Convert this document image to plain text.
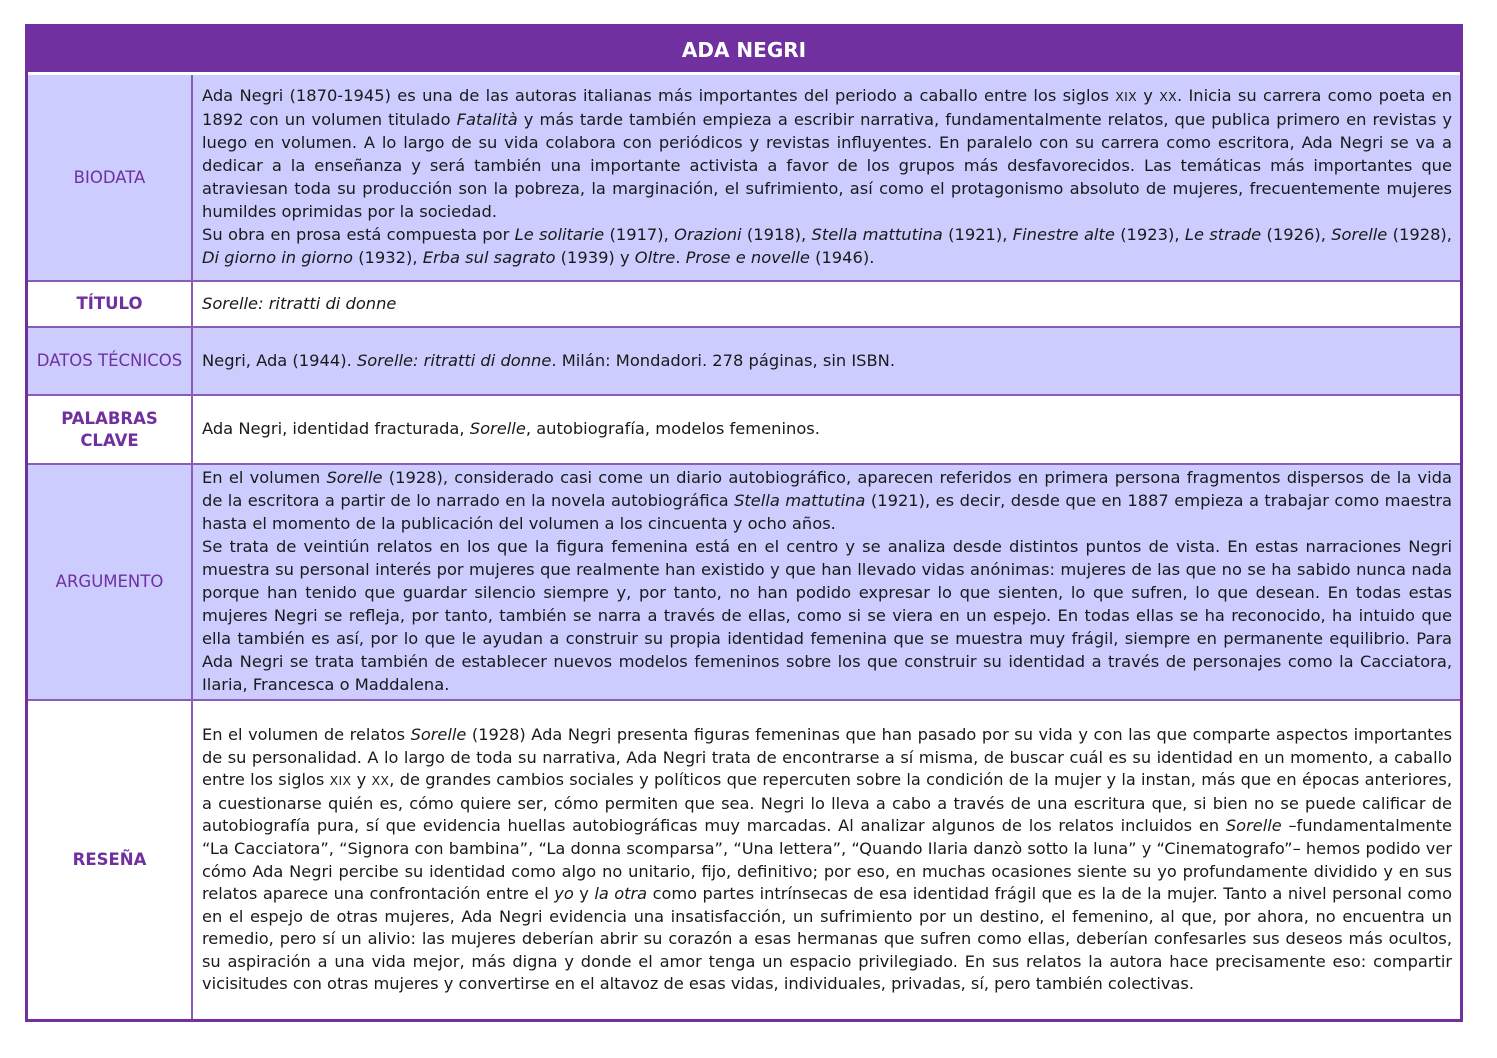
ADA NEGRI
BIODATA

Ada Negri (1870-1945) es una de las autoras italianas más importantes del periodo a caballo entre los siglos XIX y XX. Inicia su carrera como poeta en 1892 con un volumen titulado Fatalità y más tarde también empieza a escribir narrativa, fundamentalmente relatos, que publica primero en revistas y luego en volumen. A lo largo de su vida colabora con periódicos y revistas influyentes. En paralelo con su carrera como escritora, Ada Negri se va a dedicar a la enseñanza y será también una importante activista a favor de los grupos más desfavorecidos. Las temáticas más importantes que atraviesan toda su producción son la pobreza, la marginación, el sufrimiento, así como el protagonismo absoluto de mujeres, frecuentemente mujeres humildes oprimidas por la sociedad.

Su obra en prosa está compuesta por Le solitarie (1917), Orazioni (1918), Stella mattutina (1921), Finestre alte (1923), Le strade (1926), Sorelle (1928), Di giorno in giorno (1932), Erba sul sagrato (1939) y Oltre. Prose e novelle (1946).

TÍTULO	Sorelle: ritratti di donne

DATOS TÉCNICOS	Negri, Ada (1944). Sorelle: ritratti di donne. Milán: Mondadori. 278 páginas, sin ISBN.

PALABRAS CLAVE

Ada Negri, identidad fracturada, Sorelle, autobiografía, modelos femeninos.

ARGUMENTO

En el volumen Sorelle (1928), considerado casi come un diario autobiográfico, aparecen referidos en primera persona fragmentos dispersos de la vida de la escritora a partir de lo narrado en la novela autobiográfica Stella mattutina (1921), es decir, desde que en 1887 empieza a trabajar como maestra hasta el momento de la publicación del volumen a los cincuenta y ocho años.

Se trata de veintiún relatos en los que la figura femenina está en el centro y se analiza desde distintos puntos de vista. En estas narraciones Negri muestra su personal interés por mujeres que realmente han existido y que han llevado vidas anónimas: mujeres de las que no se ha sabido nunca nada porque han tenido que guardar silencio siempre y, por tanto, no han podido expresar lo que sienten, lo que sufren, lo que desean. En todas estas mujeres Negri se refleja, por tanto, también se narra a través de ellas, como si se viera en un espejo. En todas ellas se ha reconocido, ha intuido que ella también es así, por lo que le ayudan a construir su propia identidad femenina que se muestra muy frágil, siempre en permanente equilibrio. Para Ada Negri se trata también de establecer nuevos modelos femeninos sobre los que construir su identidad a través de personajes como la Cacciatora, Ilaria, Francesca o Maddalena.

RESEÑA

En el volumen de relatos Sorelle (1928) Ada Negri presenta figuras femeninas que han pasado por su vida y con las que comparte aspectos importantes de su personalidad. A lo largo de toda su narrativa, Ada Negri trata de encontrarse a sí misma, de buscar cuál es su identidad en un momento, a caballo entre los siglos XIX y XX, de grandes cambios sociales y políticos que repercuten sobre la condición de la mujer y la instan, más que en épocas anteriores, a cuestionarse quién es, cómo quiere ser, cómo permiten que sea. Negri lo lleva a cabo a través de una escritura que, si bien no se puede calificar de autobiografía pura, sí que evidencia huellas autobiográficas muy marcadas. Al analizar algunos de los relatos incluidos en Sorelle –fundamentalmente “La Cacciatora”, “Signora con bambina”, “La donna scomparsa”, “Una lettera”, “Quando Ilaria danzò sotto la luna” y “Cinematografo”– hemos podido ver cómo Ada Negri percibe su identidad como algo no unitario, fijo, definitivo; por eso, en muchas ocasiones siente su yo profundamente dividido y en sus relatos aparece una confrontación entre el yo y la otra como partes intrínsecas de esa identidad frágil que es la de la mujer. Tanto a nivel personal como en el espejo de otras mujeres, Ada Negri evidencia una insatisfacción, un sufrimiento por un destino, el femenino, al que, por ahora, no encuentra un remedio, pero sí un alivio: las mujeres deberían abrir su corazón a esas hermanas que sufren como ellas, deberían confesarles sus deseos más ocultos, su aspiración a una vida mejor, más digna y donde el amor tenga un espacio privilegiado. En sus relatos la autora hace precisamente eso: compartir vicisitudes con otras mujeres y convertirse en el altavoz de esas vidas, individuales, privadas, sí, pero también colectivas.
